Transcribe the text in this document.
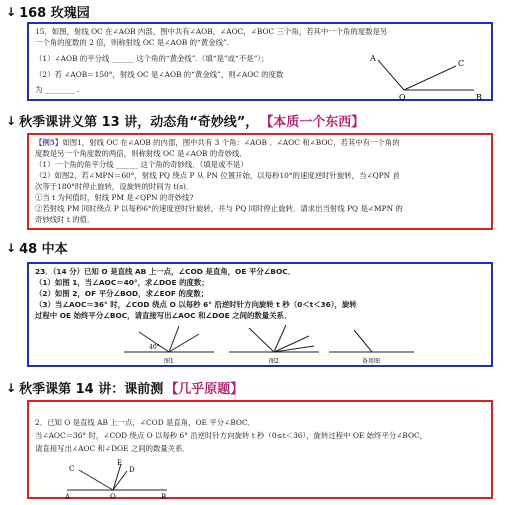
↓ 168 玫瑰园
15．如图，射线 OC 在∠AOB 内部，图中共有∠AOB，∠AOC，∠BOC 三个角，若其中一个角的度数是另
一个角的度数的 2 倍，则称射线 OC 是∠AOB 的“黄金线”.
（1）∠AOB 的平分线 ______ 这个角的“黄金线”.（填“是”或“不是”）；
（2）若 ∠AOB＝150°，射线 OC 是∠AOB 的“黄金线”，则∠AOC 的度数
为 ________ .
A
C
O	B
↓ 秋季课讲义第 13 讲，动态角“奇妙线”， 【本质一个东西】
【例5】如图1，射线 OC 在∠AOB 的内部，图中共有 3 个角：∠AOB 、∠AOC 和∠BOC，若其中有一个角的
度数是另一个角度数的两倍，则称射线 OC 是∠AOB 的奇妙线．
（1）一个角的角平分线 ______ 这个角的奇妙线．（填是或不是）
（2）如图2，若∠MPN＝60°，射线 PQ 绕点 P 从 PN 位置开始，以每秒10°的速度逆时针旋转，当∠QPN 首
次等于180°时停止旋转，设旋转的时间为 t(s)．
①当 t 为何值时，射线 PM 是∠QPN 的奇妙线?
②若射线 PM 同时绕点 P 以每秒6°的速度逆时针旋转，并与 PQ 同时停止旋转．请求出当射线 PQ 是∠MPN 的
奇妙线时 t 的值．
↓ 48 中本
23．（14 分）已知 O 是直线 AB 上一点，∠COD 是直角，OE 平分∠BOC．
（1）如图 1，当∠AOC＝40°，求∠DOE 的度数；
（2）如图 2，OF 平分∠BOD，求∠EOF 的度数；
（3）当∠AOC＝36° 时，∠COD 绕点 O 以每秒 6° 沿逆时针方向旋转 t 秒（0＜t＜36），旋转
过程中 OE 始终平分∠BOC，请直接写出∠AOC 和∠DOE 之间的数量关系．
40°
图1	图2	备用图
↓ 秋季课第 14 讲：课前测 【几乎原题】
2．已知 O 是直线 AB 上一点，∠COD 是直角，OE 平分∠BOC．
当∠AOC＝36° 时，∠COD 绕点 O 以每秒 6° 沿逆时针方向旋转 t 秒（0≤t＜36），旋转过程中 OE 始终平分∠BOC，
请直接写出∠AOC 和∠DOE 之间的数量关系．
E
D
C
A	O	B
